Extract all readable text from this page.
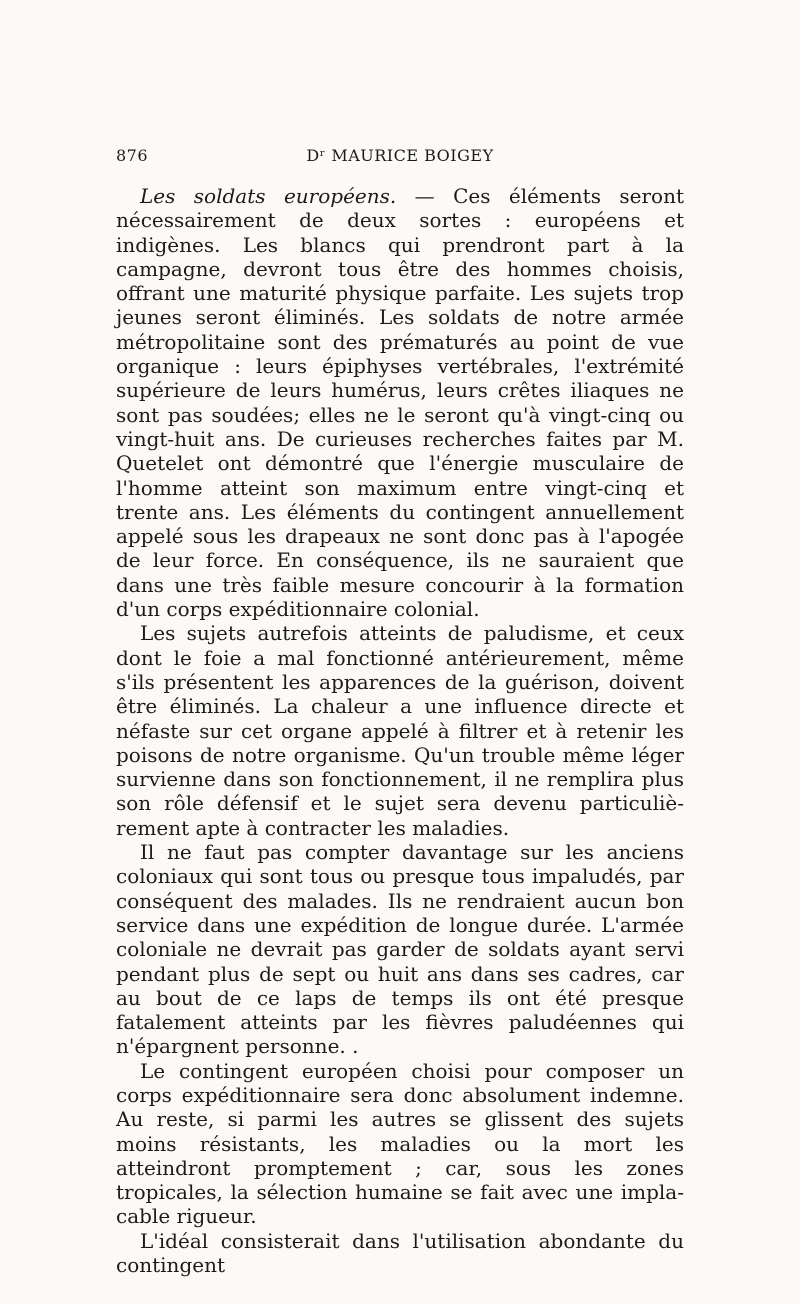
876	Dʳ MAURICE BOIGEY

Les soldats européens. — Ces éléments seront nécessairement de deux sortes : européens et indigènes. Les blancs qui prendront part à la campagne, devront tous être des hommes choisis, offrant une maturité physique parfaite. Les sujets trop jeunes seront éliminés. Les soldats de notre armée métropolitaine sont des prématurés au point de vue organique : leurs épiphyses vertébrales, l'extrémité supérieure de leurs humérus, leurs crêtes iliaques ne sont pas soudées; elles ne le seront qu'à vingt-cinq ou vingt-huit ans. De curieuses recherches faites par M. Quetelet ont démontré que l'énergie musculaire de l'homme atteint son maximum entre vingt-cinq et trente ans. Les éléments du contingent annuellement appelé sous les drapeaux ne sont donc pas à l'apogée de leur force. En conséquence, ils ne sauraient que dans une très faible mesure concourir à la formation d'un corps expéditionnaire colonial.

Les sujets autrefois atteints de paludisme, et ceux dont le foie a mal fonctionné antérieurement, même s'ils présentent les apparences de la guérison, doivent être éliminés. La chaleur a une influence directe et néfaste sur cet organe appelé à filtrer et à retenir les poisons de notre organisme. Qu'un trouble même léger survienne dans son fonctionnement, il ne remplira plus son rôle défensif et le sujet sera devenu particulièrement apte à contracter les maladies.

Il ne faut pas compter davantage sur les anciens coloniaux qui sont tous ou presque tous impaludés, par conséquent des malades. Ils ne rendraient aucun bon service dans une expédition de longue durée. L'armée coloniale ne devrait pas garder de soldats ayant servi pendant plus de sept ou huit ans dans ses cadres, car au bout de ce laps de temps ils ont été presque fatalement atteints par les fièvres paludéennes qui n'épargnent personne. .

Le contingent européen choisi pour composer un corps expéditionnaire sera donc absolument indemne. Au reste, si parmi les autres se glissent des sujets moins résistants, les maladies ou la mort les atteindront promptement ; car, sous les zones tropicales, la sélection humaine se fait avec une implacable rigueur.

L'idéal consisterait dans l'utilisation abondante du contingent
